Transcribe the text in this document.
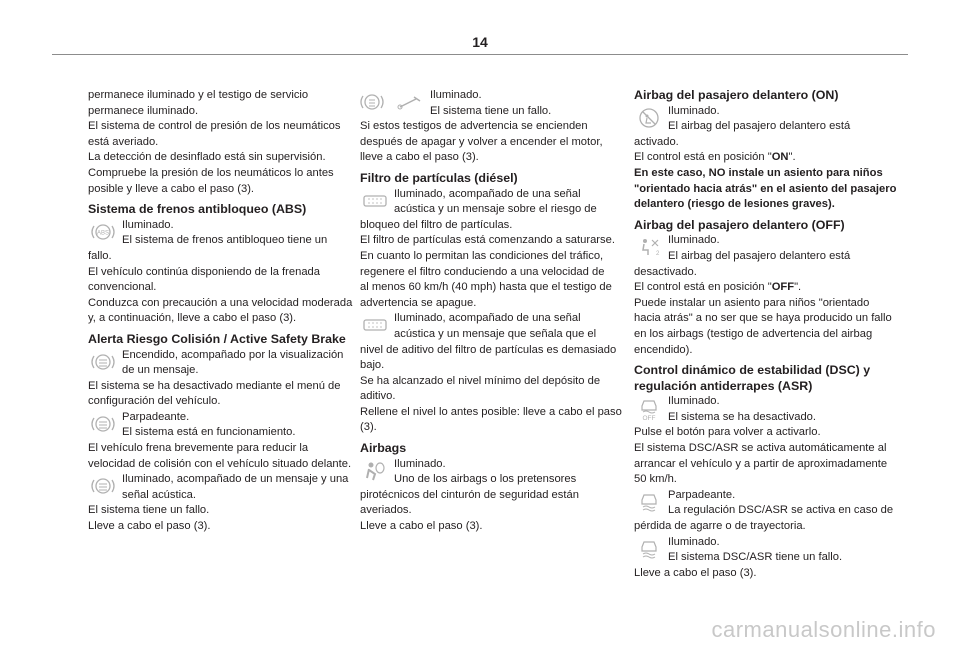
14

permanece iluminado y el testigo de servicio

permanece iluminado.

El sistema de control de presión de los neumáticos

está averiado.

La detección de desinflado está sin supervisión.

Compruebe la presión de los neumáticos lo antes

posible y lleve a cabo el paso (3).

Sistema de frenos antibloqueo (ABS)
ABS

Iluminado.

El sistema de frenos antibloqueo tiene un

fallo.

El vehículo continúa disponiendo de la frenada

convencional.

Conduzca con precaución a una velocidad moderada

y, a continuación, lleve a cabo el paso (3).

Alerta Riesgo Colisión / Active Safety Brake

Encendido, acompañado por la visualización

de un mensaje.

El sistema se ha desactivado mediante el menú de

configuración del vehículo.

Parpadeante.

El sistema está en funcionamiento.

El vehículo frena brevemente para reducir la

velocidad de colisión con el vehículo situado delante.

Iluminado, acompañado de un mensaje y una

señal acústica.

El sistema tiene un fallo.

Lleve a cabo el paso (3).

Iluminado.

El sistema tiene un fallo.

Si estos testigos de advertencia se encienden

después de apagar y volver a encender el motor,

lleve a cabo el paso (3).

Filtro de partículas (diésel)

Iluminado, acompañado de una señal

acústica y un mensaje sobre el riesgo de

bloqueo del filtro de partículas.

El filtro de partículas está comenzando a saturarse.

En cuanto lo permitan las condiciones del tráfico,

regenere el filtro conduciendo a una velocidad de

al menos 60 km/h (40 mph) hasta que el testigo de

advertencia se apague.

Iluminado, acompañado de una señal

acústica y un mensaje que señala que el

nivel de aditivo del filtro de partículas es demasiado

bajo.

Se ha alcanzado el nivel mínimo del depósito de

aditivo.

Rellene el nivel lo antes posible: lleve a cabo el paso

(3).

Airbags

Iluminado.

Uno de los airbags o los pretensores

pirotécnicos del cinturón de seguridad están

averiados.

Lleve a cabo el paso (3).

Airbag del pasajero delantero (ON)

Iluminado.

El airbag del pasajero delantero está

activado.

El control está en posición "ON".

En este caso, NO instale un asiento para niños

"orientado hacia atrás" en el asiento del pasajero

delantero (riesgo de lesiones graves).

Airbag del pasajero delantero (OFF)
2

Iluminado.

El airbag del pasajero delantero está

desactivado.

El control está en posición "OFF".

Puede instalar un asiento para niños "orientado

hacia atrás" a no ser que se haya producido un fallo

en los airbags (testigo de advertencia del airbag

encendido).

Control dinámico de estabilidad (DSC) y
regulación antiderrapes (ASR)
OFF

Iluminado.

El sistema se ha desactivado.

Pulse el botón para volver a activarlo.

El sistema DSC/ASR se activa automáticamente al

arrancar el vehículo y a partir de aproximadamente

50 km/h.

Parpadeante.

La regulación DSC/ASR se activa en caso de

pérdida de agarre o de trayectoria.

Iluminado.

El sistema DSC/ASR tiene un fallo.

Lleve a cabo el paso (3).

carmanualsonline.info
